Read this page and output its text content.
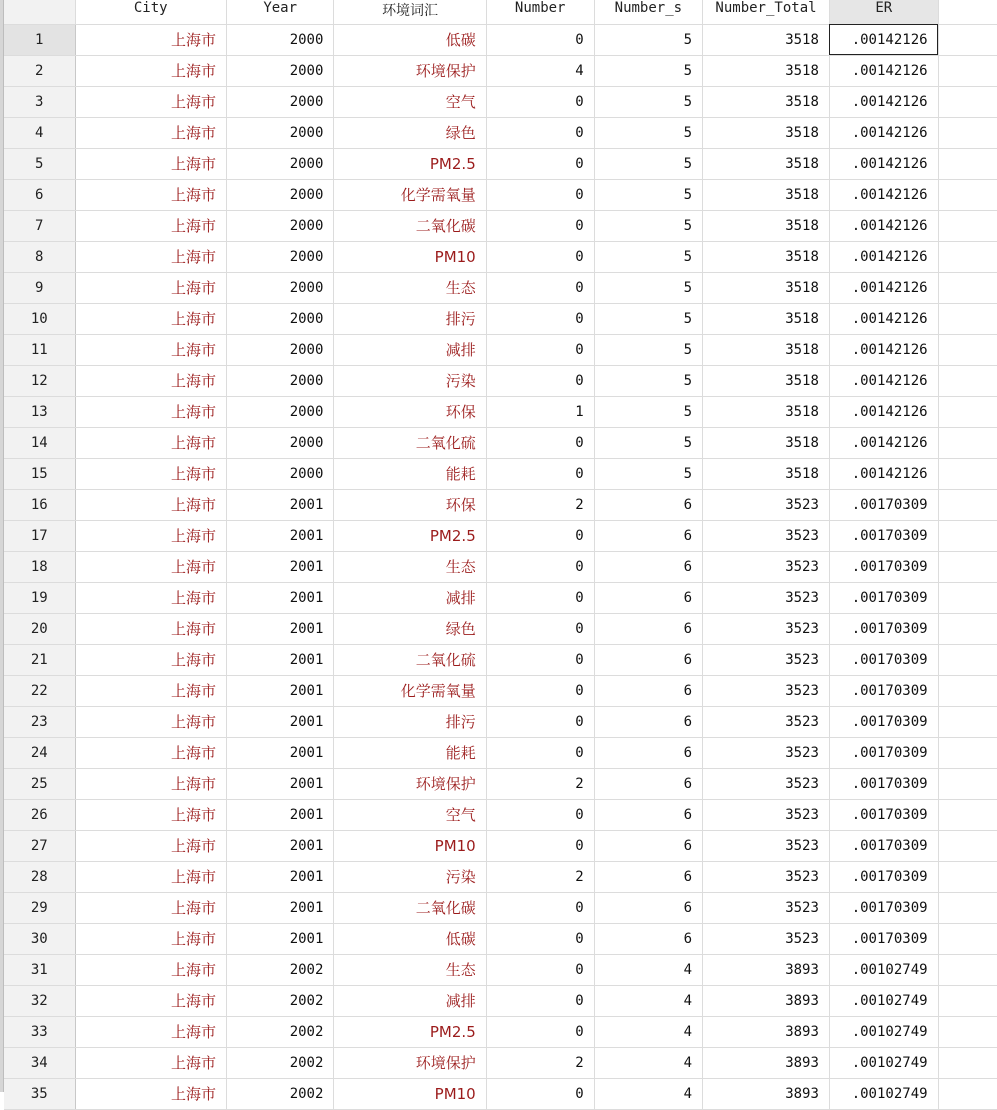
	City	Year	环境词汇	Number	Number_s	Number_Total	ER	
1	上海市	2000	低碳	0	5	3518	.00142126	
2	上海市	2000	环境保护	4	5	3518	.00142126	
3	上海市	2000	空气	0	5	3518	.00142126	
4	上海市	2000	绿色	0	5	3518	.00142126	
5	上海市	2000	PM2.5	0	5	3518	.00142126	
6	上海市	2000	化学需氧量	0	5	3518	.00142126	
7	上海市	2000	二氧化碳	0	5	3518	.00142126	
8	上海市	2000	PM10	0	5	3518	.00142126	
9	上海市	2000	生态	0	5	3518	.00142126	
10	上海市	2000	排污	0	5	3518	.00142126	
11	上海市	2000	减排	0	5	3518	.00142126	
12	上海市	2000	污染	0	5	3518	.00142126	
13	上海市	2000	环保	1	5	3518	.00142126	
14	上海市	2000	二氧化硫	0	5	3518	.00142126	
15	上海市	2000	能耗	0	5	3518	.00142126	
16	上海市	2001	环保	2	6	3523	.00170309	
17	上海市	2001	PM2.5	0	6	3523	.00170309	
18	上海市	2001	生态	0	6	3523	.00170309	
19	上海市	2001	减排	0	6	3523	.00170309	
20	上海市	2001	绿色	0	6	3523	.00170309	
21	上海市	2001	二氧化硫	0	6	3523	.00170309	
22	上海市	2001	化学需氧量	0	6	3523	.00170309	
23	上海市	2001	排污	0	6	3523	.00170309	
24	上海市	2001	能耗	0	6	3523	.00170309	
25	上海市	2001	环境保护	2	6	3523	.00170309	
26	上海市	2001	空气	0	6	3523	.00170309	
27	上海市	2001	PM10	0	6	3523	.00170309	
28	上海市	2001	污染	2	6	3523	.00170309	
29	上海市	2001	二氧化碳	0	6	3523	.00170309	
30	上海市	2001	低碳	0	6	3523	.00170309	
31	上海市	2002	生态	0	4	3893	.00102749	
32	上海市	2002	减排	0	4	3893	.00102749	
33	上海市	2002	PM2.5	0	4	3893	.00102749	
34	上海市	2002	环境保护	2	4	3893	.00102749	
35	上海市	2002	PM10	0	4	3893	.00102749	
